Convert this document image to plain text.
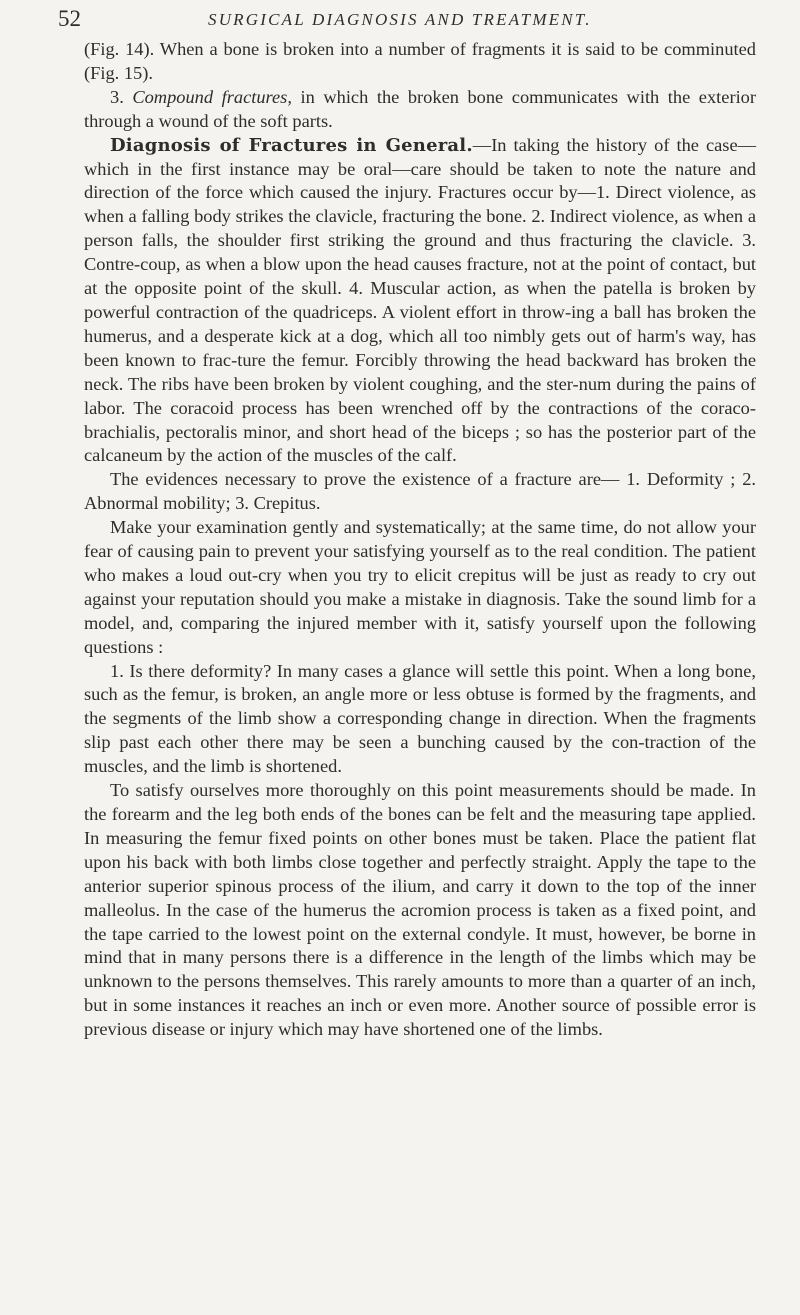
52	SURGICAL DIAGNOSIS AND TREATMENT.

(Fig. 14). When a bone is broken into a number of fragments it is said to be comminuted (Fig. 15).

3. Compound fractures, in which the broken bone communicates with the exterior through a wound of the soft parts.

Diagnosis of Fractures in General.—In taking the history of the case—which in the first instance may be oral—care should be taken to note the nature and direction of the force which caused the injury. Fractures occur by—1. Direct violence, as when a falling body strikes the clavicle, fracturing the bone. 2. Indirect violence, as when a person falls, the shoulder first striking the ground and thus fracturing the clavicle. 3. Contre-coup, as when a blow upon the head causes fracture, not at the point of contact, but at the opposite point of the skull. 4. Muscular action, as when the patella is broken by powerful contraction of the quadriceps. A violent effort in throw-ing a ball has broken the humerus, and a desperate kick at a dog, which all too nimbly gets out of harm's way, has been known to frac-ture the femur. Forcibly throwing the head backward has broken the neck. The ribs have been broken by violent coughing, and the ster-num during the pains of labor. The coracoid process has been wrenched off by the contractions of the coraco-brachialis, pectoralis minor, and short head of the biceps ; so has the posterior part of the calcaneum by the action of the muscles of the calf.

The evidences necessary to prove the existence of a fracture are— 1. Deformity ; 2. Abnormal mobility; 3. Crepitus.

Make your examination gently and systematically; at the same time, do not allow your fear of causing pain to prevent your satisfying yourself as to the real condition. The patient who makes a loud out-cry when you try to elicit crepitus will be just as ready to cry out against your reputation should you make a mistake in diagnosis. Take the sound limb for a model, and, comparing the injured member with it, satisfy yourself upon the following questions :

1. Is there deformity? In many cases a glance will settle this point. When a long bone, such as the femur, is broken, an angle more or less obtuse is formed by the fragments, and the segments of the limb show a corresponding change in direction. When the fragments slip past each other there may be seen a bunching caused by the con-traction of the muscles, and the limb is shortened.

To satisfy ourselves more thoroughly on this point measurements should be made. In the forearm and the leg both ends of the bones can be felt and the measuring tape applied. In measuring the femur fixed points on other bones must be taken. Place the patient flat upon his back with both limbs close together and perfectly straight. Apply the tape to the anterior superior spinous process of the ilium, and carry it down to the top of the inner malleolus. In the case of the humerus the acromion process is taken as a fixed point, and the tape carried to the lowest point on the external condyle. It must, however, be borne in mind that in many persons there is a difference in the length of the limbs which may be unknown to the persons themselves. This rarely amounts to more than a quarter of an inch, but in some instances it reaches an inch or even more. Another source of possible error is previous disease or injury which may have shortened one of the limbs.
